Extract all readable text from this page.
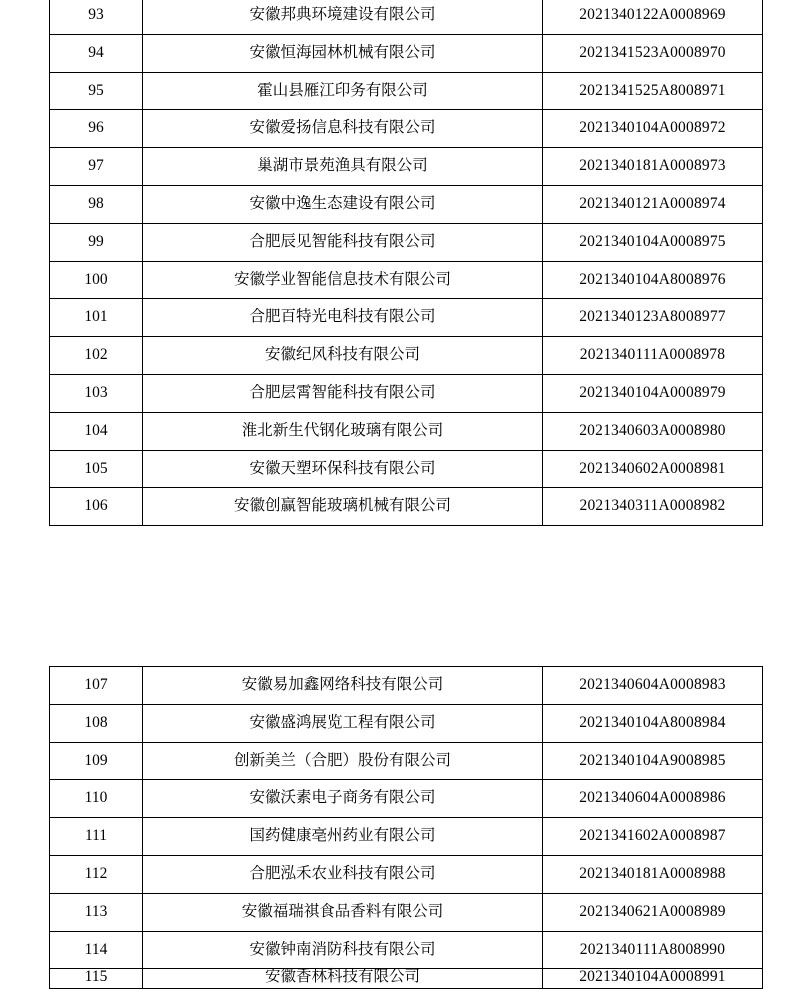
93	安徽邦典环境建设有限公司	2021340122A0008969
94	安徽恒海园林机械有限公司	2021341523A0008970
95	霍山县雁江印务有限公司	2021341525A8008971
96	安徽爱扬信息科技有限公司	2021340104A0008972
97	巢湖市景苑渔具有限公司	2021340181A0008973
98	安徽中逸生态建设有限公司	2021340121A0008974
99	合肥辰见智能科技有限公司	2021340104A0008975
100	安徽学业智能信息技术有限公司	2021340104A8008976
101	合肥百特光电科技有限公司	2021340123A8008977
102	安徽纪风科技有限公司	2021340111A0008978
103	合肥层霄智能科技有限公司	2021340104A0008979
104	淮北新生代钢化玻璃有限公司	2021340603A0008980
105	安徽天塑环保科技有限公司	2021340602A0008981
106	安徽创赢智能玻璃机械有限公司	2021340311A0008982
107	安徽易加鑫网络科技有限公司	2021340604A0008983
108	安徽盛鸿展览工程有限公司	2021340104A8008984
109	创新美兰（合肥）股份有限公司	2021340104A9008985
110	安徽沃素电子商务有限公司	2021340604A0008986
111	国药健康亳州药业有限公司	2021341602A0008987
112	合肥泓禾农业科技有限公司	2021340181A0008988
113	安徽福瑞祺食品香料有限公司	2021340621A0008989
114	安徽钟南消防科技有限公司	2021340111A8008990

115	安徽香林科技有限公司	2021340104A0008991
